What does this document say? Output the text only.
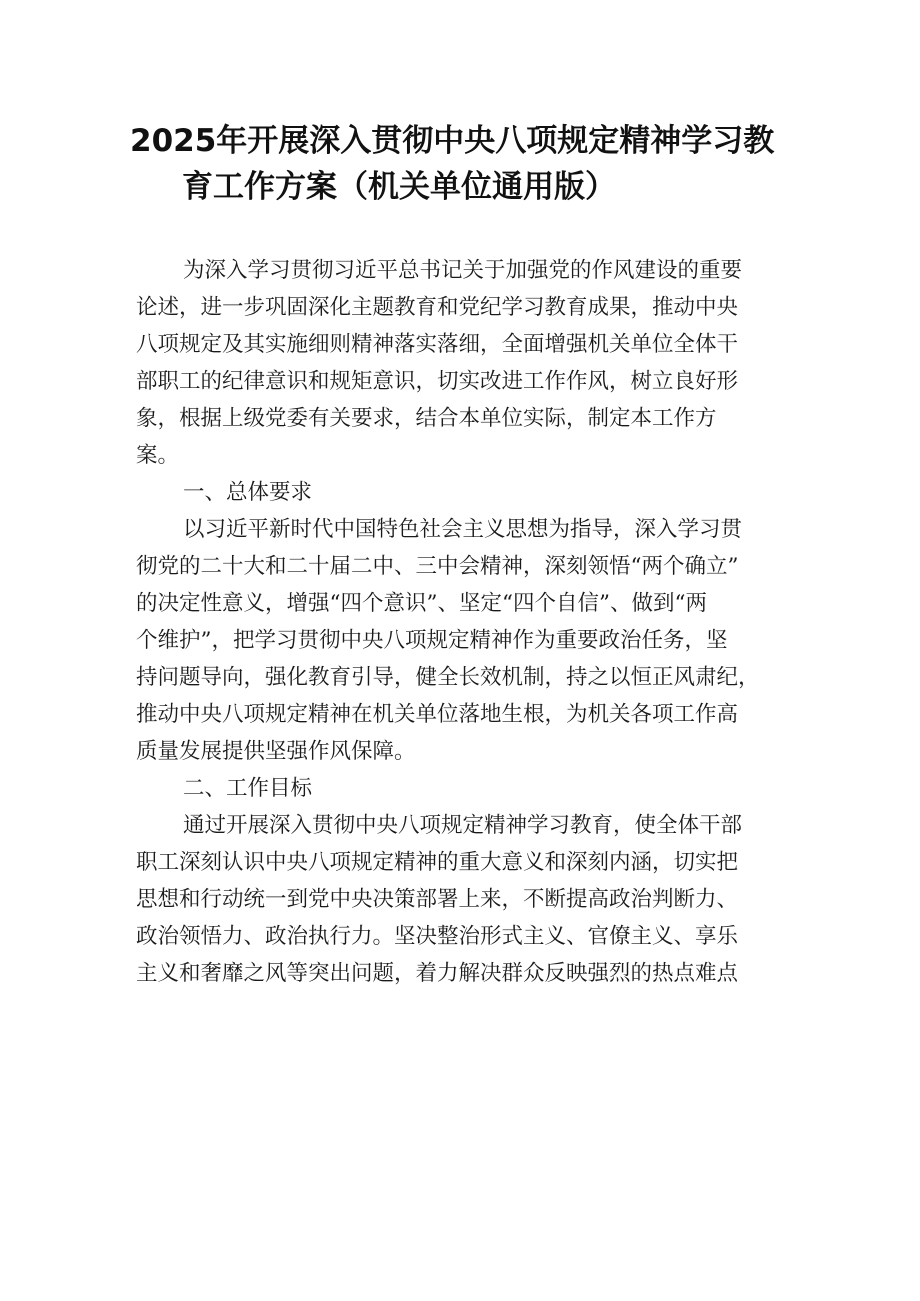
2025年开展深入贯彻中央八项规定精神学习教
育工作方案（机关单位通用版）
为深入学习贯彻习近平总书记关于加强党的作风建设的重要
论述，进一步巩固深化主题教育和党纪学习教育成果，推动中央
八项规定及其实施细则精神落实落细，全面增强机关单位全体干
部职工的纪律意识和规矩意识，切实改进工作作风，树立良好形
象，根据上级党委有关要求，结合本单位实际，制定本工作方
案。
一、总体要求
以习近平新时代中国特色社会主义思想为指导，深入学习贯
彻党的二十大和二十届二中、三中会精神，深刻领悟“两个确立”
的决定性意义，增强“四个意识”、坚定“四个自信”、做到“两
个维护”，把学习贯彻中央八项规定精神作为重要政治任务，坚
持问题导向，强化教育引导，健全长效机制，持之以恒正风肃纪，
推动中央八项规定精神在机关单位落地生根，为机关各项工作高
质量发展提供坚强作风保障。
二、工作目标
通过开展深入贯彻中央八项规定精神学习教育，使全体干部
职工深刻认识中央八项规定精神的重大意义和深刻内涵，切实把
思想和行动统一到党中央决策部署上来，不断提高政治判断力、
政治领悟力、政治执行力。坚决整治形式主义、官僚主义、享乐
主义和奢靡之风等突出问题，着力解决群众反映强烈的热点难点
